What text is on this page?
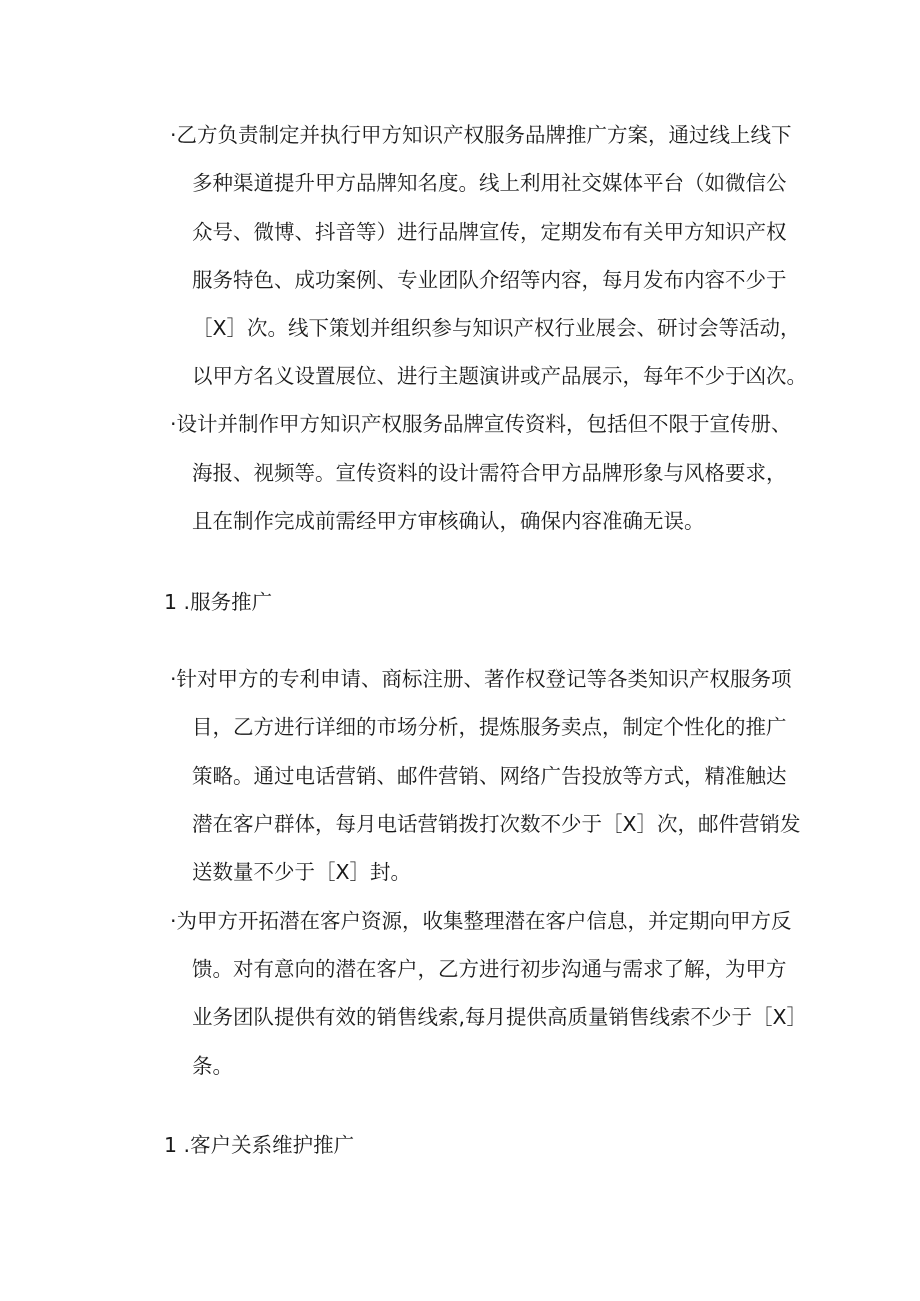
·乙方负责制定并执行甲方知识产权服务品牌推广方案，通过线上线下
多种渠道提升甲方品牌知名度。线上利用社交媒体平台（如微信公
众号、微博、抖音等）进行品牌宣传，定期发布有关甲方知识产权
服务特色、成功案例、专业团队介绍等内容，每月发布内容不少于
［X］次。线下策划并组织参与知识产权行业展会、研讨会等活动，
以甲方名义设置展位、进行主题演讲或产品展示，每年不少于凶次。
·设计并制作甲方知识产权服务品牌宣传资料，包括但不限于宣传册、
海报、视频等。宣传资料的设计需符合甲方品牌形象与风格要求，
且在制作完成前需经甲方审核确认，确保内容准确无误。
1 .服务推广
·针对甲方的专利申请、商标注册、著作权登记等各类知识产权服务项
目，乙方进行详细的市场分析，提炼服务卖点，制定个性化的推广
策略。通过电话营销、邮件营销、网络广告投放等方式，精准触达
潜在客户群体，每月电话营销拨打次数不少于［X］次，邮件营销发
送数量不少于［X］封。
·为甲方开拓潜在客户资源，收集整理潜在客户信息，并定期向甲方反
馈。对有意向的潜在客户，乙方进行初步沟通与需求了解，为甲方
业务团队提供有效的销售线索,每月提供高质量销售线索不少于［X］
条。
1 .客户关系维护推广
